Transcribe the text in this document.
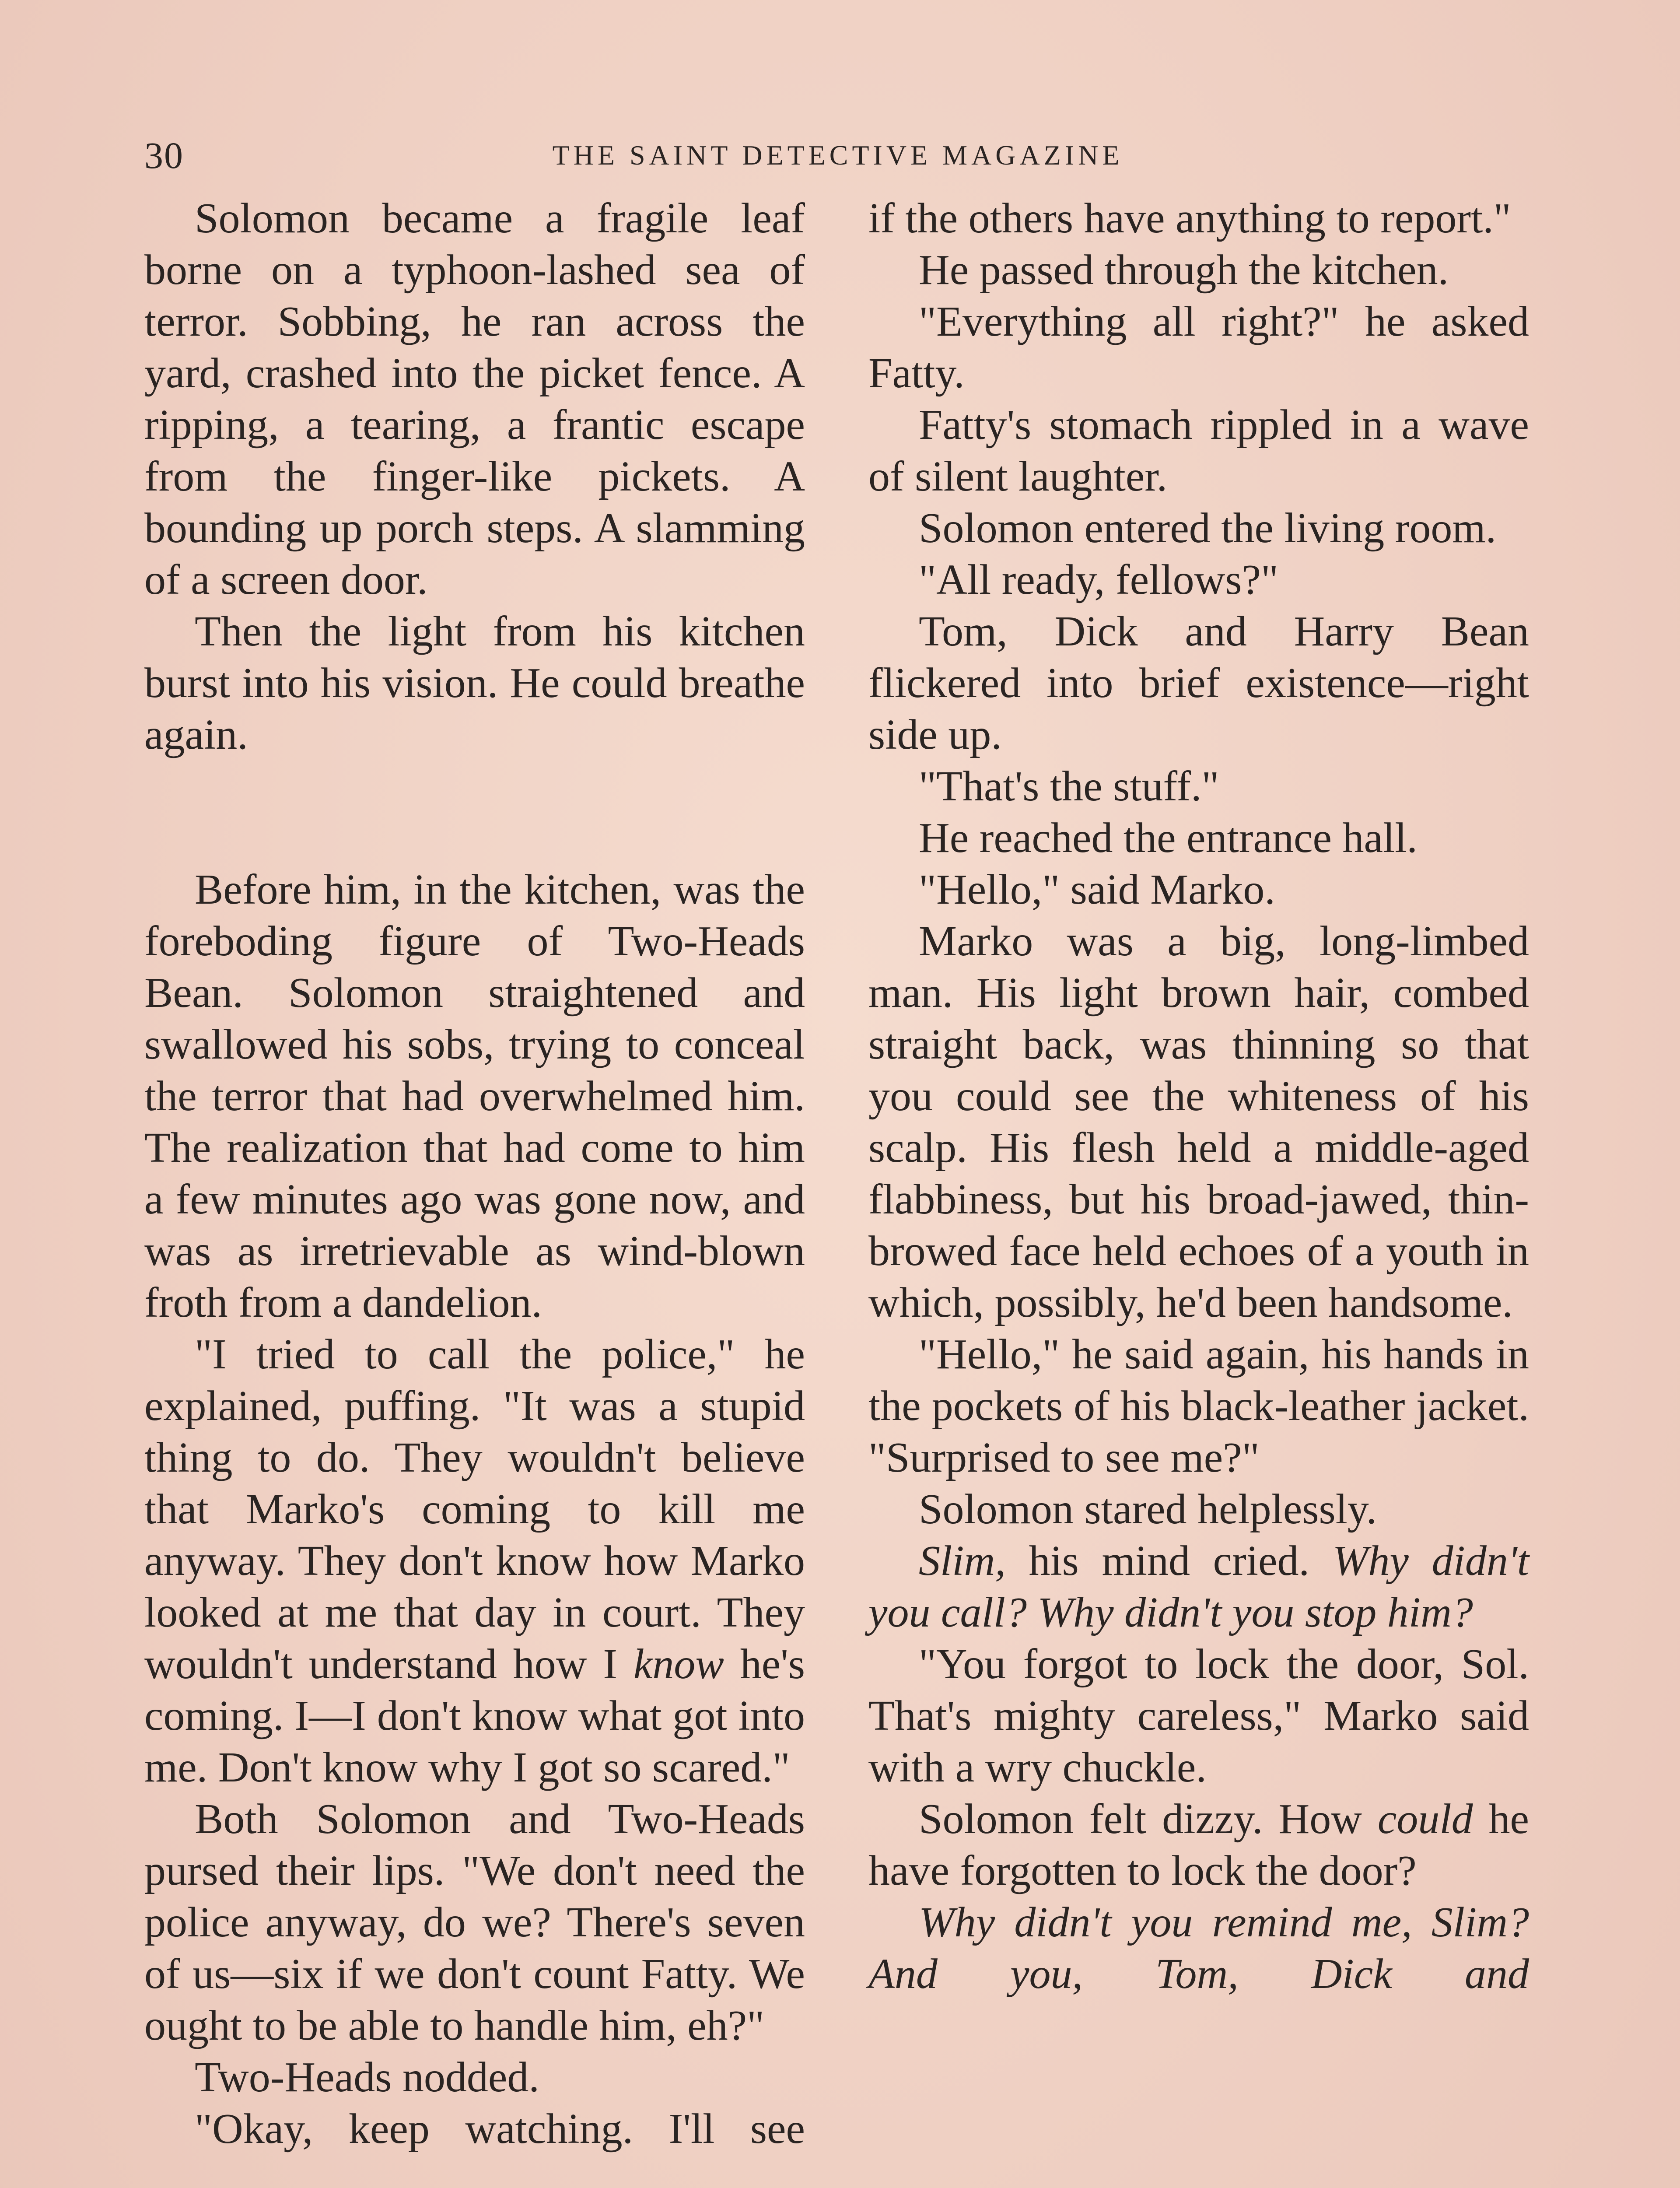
30	THE SAINT DETECTIVE MAGAZINE

Solomon became a fragile leaf borne on a typhoon-lashed sea of terror. Sobbing, he ran across the yard, crashed into the picket fence. A ripping, a tearing, a frantic escape from the finger-like pickets. A bounding up porch steps. A slamming of a screen door.

Then the light from his kitchen burst into his vision. He could breathe again.

Before him, in the kitchen, was the foreboding figure of Two-Heads Bean. Solomon straightened and swallowed his sobs, trying to conceal the terror that had overwhelmed him. The realization that had come to him a few minutes ago was gone now, and was as irretrievable as wind-blown froth from a dandelion.

"I tried to call the police," he explained, puffing. "It was a stupid thing to do. They wouldn't believe that Marko's coming to kill me anyway. They don't know how Marko looked at me that day in court. They wouldn't understand how I know he's coming. I—I don't know what got into me. Don't know why I got so scared."

Both Solomon and Two-Heads pursed their lips. "We don't need the police anyway, do we? There's seven of us—six if we don't count Fatty. We ought to be able to handle him, eh?"

Two-Heads nodded.

"Okay, keep watching. I'll see

if the others have anything to report."

He passed through the kitchen.

"Everything all right?" he asked Fatty.

Fatty's stomach rippled in a wave of silent laughter.

Solomon entered the living room.

"All ready, fellows?"

Tom, Dick and Harry Bean flickered into brief existence—right side up.

"That's the stuff."

He reached the entrance hall.

"Hello," said Marko.

Marko was a big, long-limbed man. His light brown hair, combed straight back, was thinning so that you could see the whiteness of his scalp. His flesh held a middle-aged flabbiness, but his broad-jawed, thin-browed face held echoes of a youth in which, possibly, he'd been handsome.

"Hello," he said again, his hands in the pockets of his black-leather jacket. "Surprised to see me?"

Solomon stared helplessly.

Slim, his mind cried. Why didn't you call? Why didn't you stop him?

"You forgot to lock the door, Sol. That's mighty careless," Marko said with a wry chuckle.

Solomon felt dizzy. How could he have forgotten to lock the door?

Why didn't you remind me, Slim? And you, Tom, Dick and
